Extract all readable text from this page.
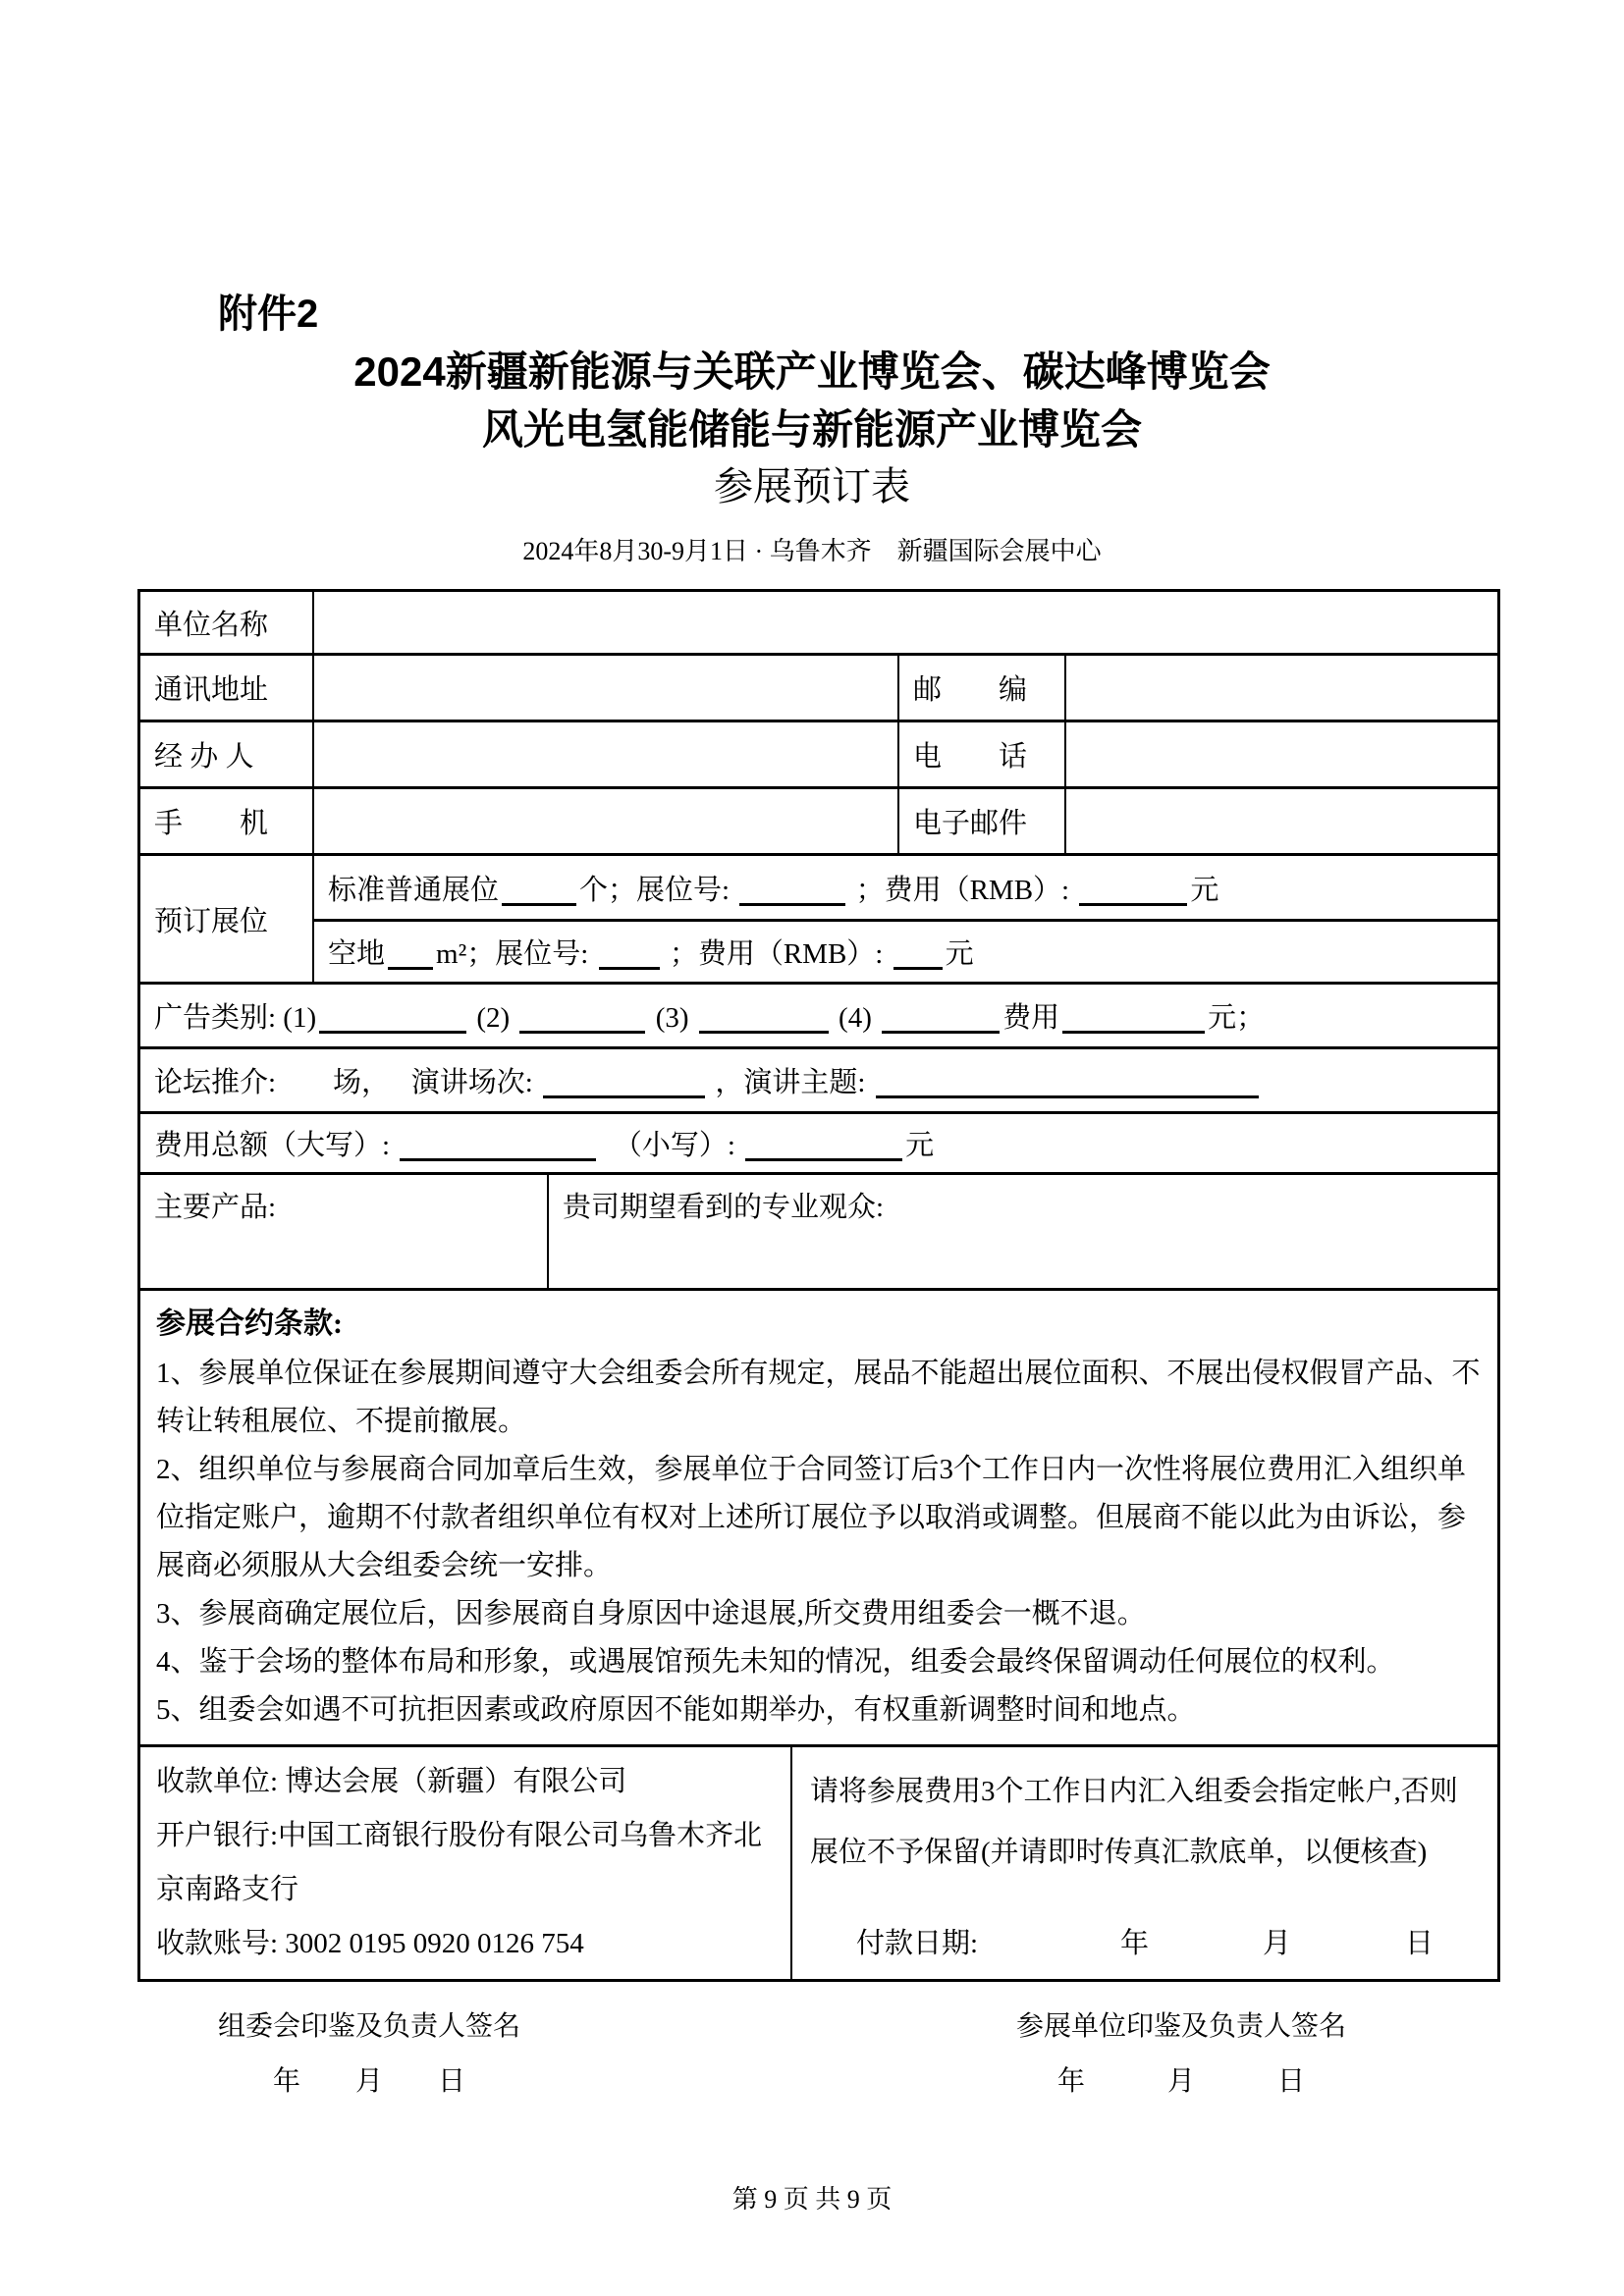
附件2
2024新疆新能源与关联产业博览会、碳达峰博览会
风光电氢能储能与新能源产业博览会
参展预订表
2024年8月30-9月1日 · 乌鲁木齐　新疆国际会展中心
单位名称
通讯地址	邮　　编
经 办 人	电　　话
手　　机	电子邮件
预订展位
标准普通展位	个；展位号:	；费用（RMB）:	元
空地 m²；展位号:  ；费用（RMB）: 元
广告类别: (1)	(2)	(3)	(4)	费用	元；
论坛推介:　　场，　 演讲场次:	，演讲主题:
费用总额（大写）:	　（小写）:	元
主要产品:	贵司期望看到的专业观众:
参展合约条款:
1、参展单位保证在参展期间遵守大会组委会所有规定，展品不能超出展位面积、不展出侵权假冒产品、不转让转租展位、不提前撤展。
2、组织单位与参展商合同加章后生效，参展单位于合同签订后3个工作日内一次性将展位费用汇入组织单位指定账户，逾期不付款者组织单位有权对上述所订展位予以取消或调整。但展商不能以此为由诉讼，参展商必须服从大会组委会统一安排。
3、参展商确定展位后，因参展商自身原因中途退展,所交费用组委会一概不退。
4、鉴于会场的整体布局和形象，或遇展馆预先未知的情况，组委会最终保留调动任何展位的权利。
5、组委会如遇不可抗拒因素或政府原因不能如期举办，有权重新调整时间和地点。
收款单位: 博达会展（新疆）有限公司
开户银行:中国工商银行股份有限公司乌鲁木齐北京南路支行
收款账号: 3002 0195 0920 0126 754
请将参展费用3个工作日内汇入组委会指定帐户,否则展位不予保留(并请即时传真汇款底单，以便核查)
付款日期:　　　　　年　　　　月　　　　日
组委会印鉴及负责人签名
年　　月　　日
参展单位印鉴及负责人签名
年　　　月　　　日
第 9 页 共 9 页
